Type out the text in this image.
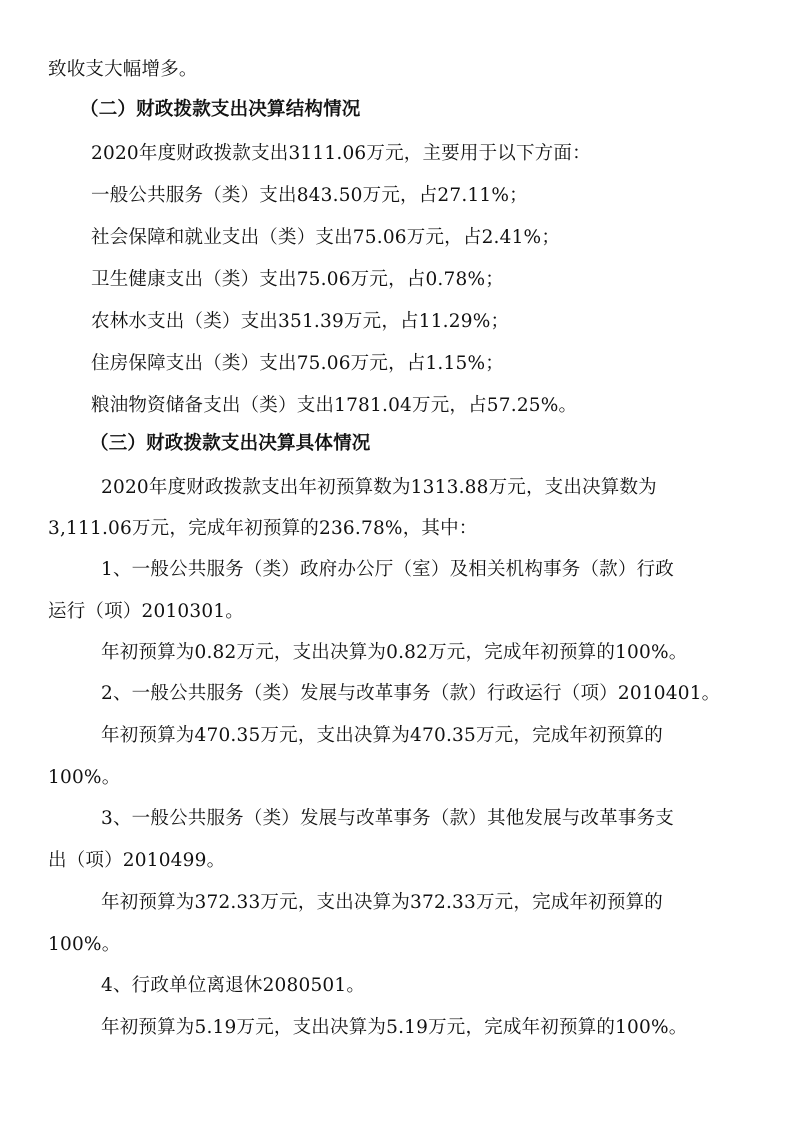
致收支大幅增多。
（二）财政拨款支出决算结构情况
2020年度财政拨款支出3111.06万元，主要用于以下方面：
一般公共服务（类）支出843.50万元，占27.11%；
社会保障和就业支出（类）支出75.06万元，占2.41%；
卫生健康支出（类）支出75.06万元，占0.78%；
农林水支出（类）支出351.39万元，占11.29%；
住房保障支出（类）支出75.06万元，占1.15%；
粮油物资储备支出（类）支出1781.04万元，占57.25%。
（三）财政拨款支出决算具体情况
2020年度财政拨款支出年初预算数为1313.88万元，支出决算数为
3,111.06万元，完成年初预算的236.78%，其中：
1、一般公共服务（类）政府办公厅（室）及相关机构事务（款）行政
运行（项）2010301。
年初预算为0.82万元，支出决算为0.82万元，完成年初预算的100%。
2、一般公共服务（类）发展与改革事务（款）行政运行（项）2010401。
年初预算为470.35万元，支出决算为470.35万元，完成年初预算的
100%。
3、一般公共服务（类）发展与改革事务（款）其他发展与改革事务支
出（项）2010499。
年初预算为372.33万元，支出决算为372.33万元，完成年初预算的
100%。
4、行政单位离退休2080501。
年初预算为5.19万元，支出决算为5.19万元，完成年初预算的100%。
